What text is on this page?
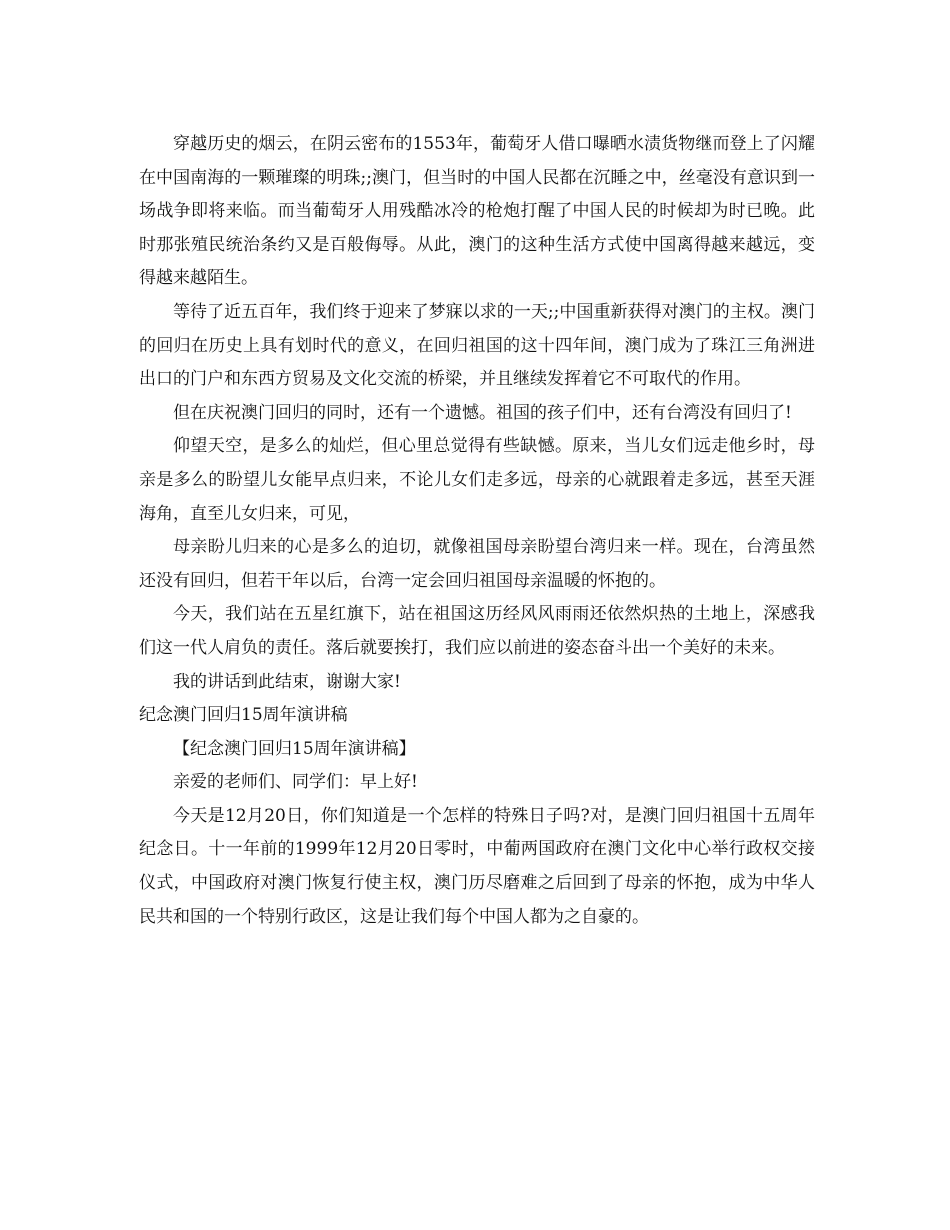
穿越历史的烟云，在阴云密布的1553年，葡萄牙人借口曝晒水渍货物继而登上了闪耀在中国南海的一颗璀璨的明珠;;澳门，但当时的中国人民都在沉睡之中，丝毫没有意识到一场战争即将来临。而当葡萄牙人用残酷冰冷的枪炮打醒了中国人民的时候却为时已晚。此时那张殖民统治条约又是百般侮辱。从此，澳门的这种生活方式使中国离得越来越远，变得越来越陌生。

等待了近五百年，我们终于迎来了梦寐以求的一天;;中国重新获得对澳门的主权。澳门的回归在历史上具有划时代的意义，在回归祖国的这十四年间，澳门成为了珠江三角洲进出口的门户和东西方贸易及文化交流的桥梁，并且继续发挥着它不可取代的作用。

但在庆祝澳门回归的同时，还有一个遗憾。祖国的孩子们中，还有台湾没有回归了!

仰望天空，是多么的灿烂，但心里总觉得有些缺憾。原来，当儿女们远走他乡时，母亲是多么的盼望儿女能早点归来，不论儿女们走多远，母亲的心就跟着走多远，甚至天涯海角，直至儿女归来，可见，

母亲盼儿归来的心是多么的迫切，就像祖国母亲盼望台湾归来一样。现在，台湾虽然还没有回归，但若干年以后，台湾一定会回归祖国母亲温暖的怀抱的。

今天，我们站在五星红旗下，站在祖国这历经风风雨雨还依然炽热的土地上，深感我们这一代人肩负的责任。落后就要挨打，我们应以前进的姿态奋斗出一个美好的未来。

我的讲话到此结束，谢谢大家!

纪念澳门回归15周年演讲稿

【纪念澳门回归15周年演讲稿】

亲爱的老师们、同学们：早上好!

今天是12月20日，你们知道是一个怎样的特殊日子吗?对，是澳门回归祖国十五周年纪念日。十一年前的1999年12月20日零时，中葡两国政府在澳门文化中心举行政权交接仪式，中国政府对澳门恢复行使主权，澳门历尽磨难之后回到了母亲的怀抱，成为中华人民共和国的一个特别行政区，这是让我们每个中国人都为之自豪的。
